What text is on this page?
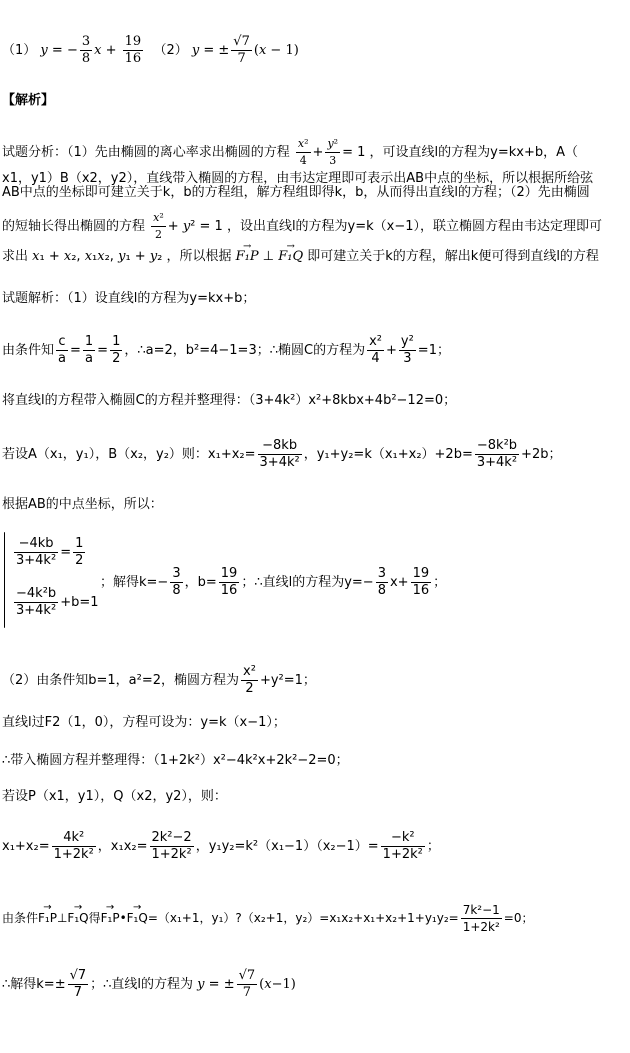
（1） y = − $\frac{3}{8}$ $x + \frac{19}{16} (2) y$ = ± $\frac{√7}{7} (x - 1)$
【解析】
试题分析：（1）先由椭圆的离心率求出椭圆的方程 $\frac{\text{x²}}{4} + \frac{\text{y²}}{3} = 1$ ，可设直线l的方程为y=kx+b，A（
x1，y1）B（x2，y2），直线带入椭圆的方程，由韦达定理即可表示出AB中点的坐标，所以根据所给弦
AB中点的坐标即可建立关于k，b的方程组，解方程组即得k，b，从而得出直线l的方程；（2）先由椭圆
的短轴长得出椭圆的方程 $\frac{\text{x²}}{2} + y^2 = 1$ ，设出直线l的方程为y=k（x−1），联立椭圆方程由韦达定理即可
求出 x₁ + x₂, x₁x₂, y₁ + y₂ ，所以根据 → F₁P ⊥ → F₁Q 即可建立关于k的方程，解出k便可得到直线l的方程
试题解析：（1）设直线l的方程为y=kx+b；
由条件知 $\frac{c}{a} = \frac{1}{a} = \frac{1}{2}$ ，∴a=2，b²=4−1=3；∴椭圆C的方程为 $\frac{\text{x²}}{4} + \frac{\text{y²}}{3} =1$；
将直线l的方程带入椭圆C的方程并整理得：（3+4k²）x²+8kbx+4b²−12=0；
若设A（x₁，y₁），B（x₂，y₂）则：$x_1+x_2= \frac{-8kb}{\text{3+4k²}}$ ，$y_1+y_2=k(x_1+x_2)+2b= \frac{\text{−8k²b}}{\text{3+4k²}} +2b$；
根据AB的中点坐标，所以：
$\frac{-4kb}{\text{3+4k²}} = \frac{1}{2}$
$\frac{\text{−4k²b}}{\text{3+4k²}} +b=1$
；解得$k=- \frac{3}{8}$ ，$b= \frac{19}{16}$ ；∴直线l的方程为$y=- \frac{3}{8} x+ \frac{19}{16}$ ；
（2）由条件知b=1，a²=2，椭圆方程为 $\frac{\text{x²}}{2} +y^2=1$；
直线l过F2（1，0），方程可设为：y=k（x−1）；
∴带入椭圆方程并整理得：（1+2k²）x²−4k²x+2k²−2=0；
若设P（x1，y1），Q（x2，y2），则：
$x_1+x_2= \frac{\text{4k²}}{\text{1+2k²}}$ ，$x_1x_2= \frac{\text{2k²−2}}{\text{1+2k²}}$ ，$y_1y_2=k^2(x_1-1)(x_2-1)= \frac{\text{−k²}}{\text{1+2k²}}$ ；
由条件→ F₁P⊥→ F₁Q得→ F₁P•→ F₁Q=（x₁+1，y₁）?（x₂+1，$y_2)=x_1x_2+x_1+x_2+1+y_1y_2= \frac{\text{7k²−1}}{\text{1+2k²}} =0$；
∴解得$k=\pm \frac{√7}{7}$ ；∴直线l的方程为 y = ± $\frac{√7}{7} (x-1)$
